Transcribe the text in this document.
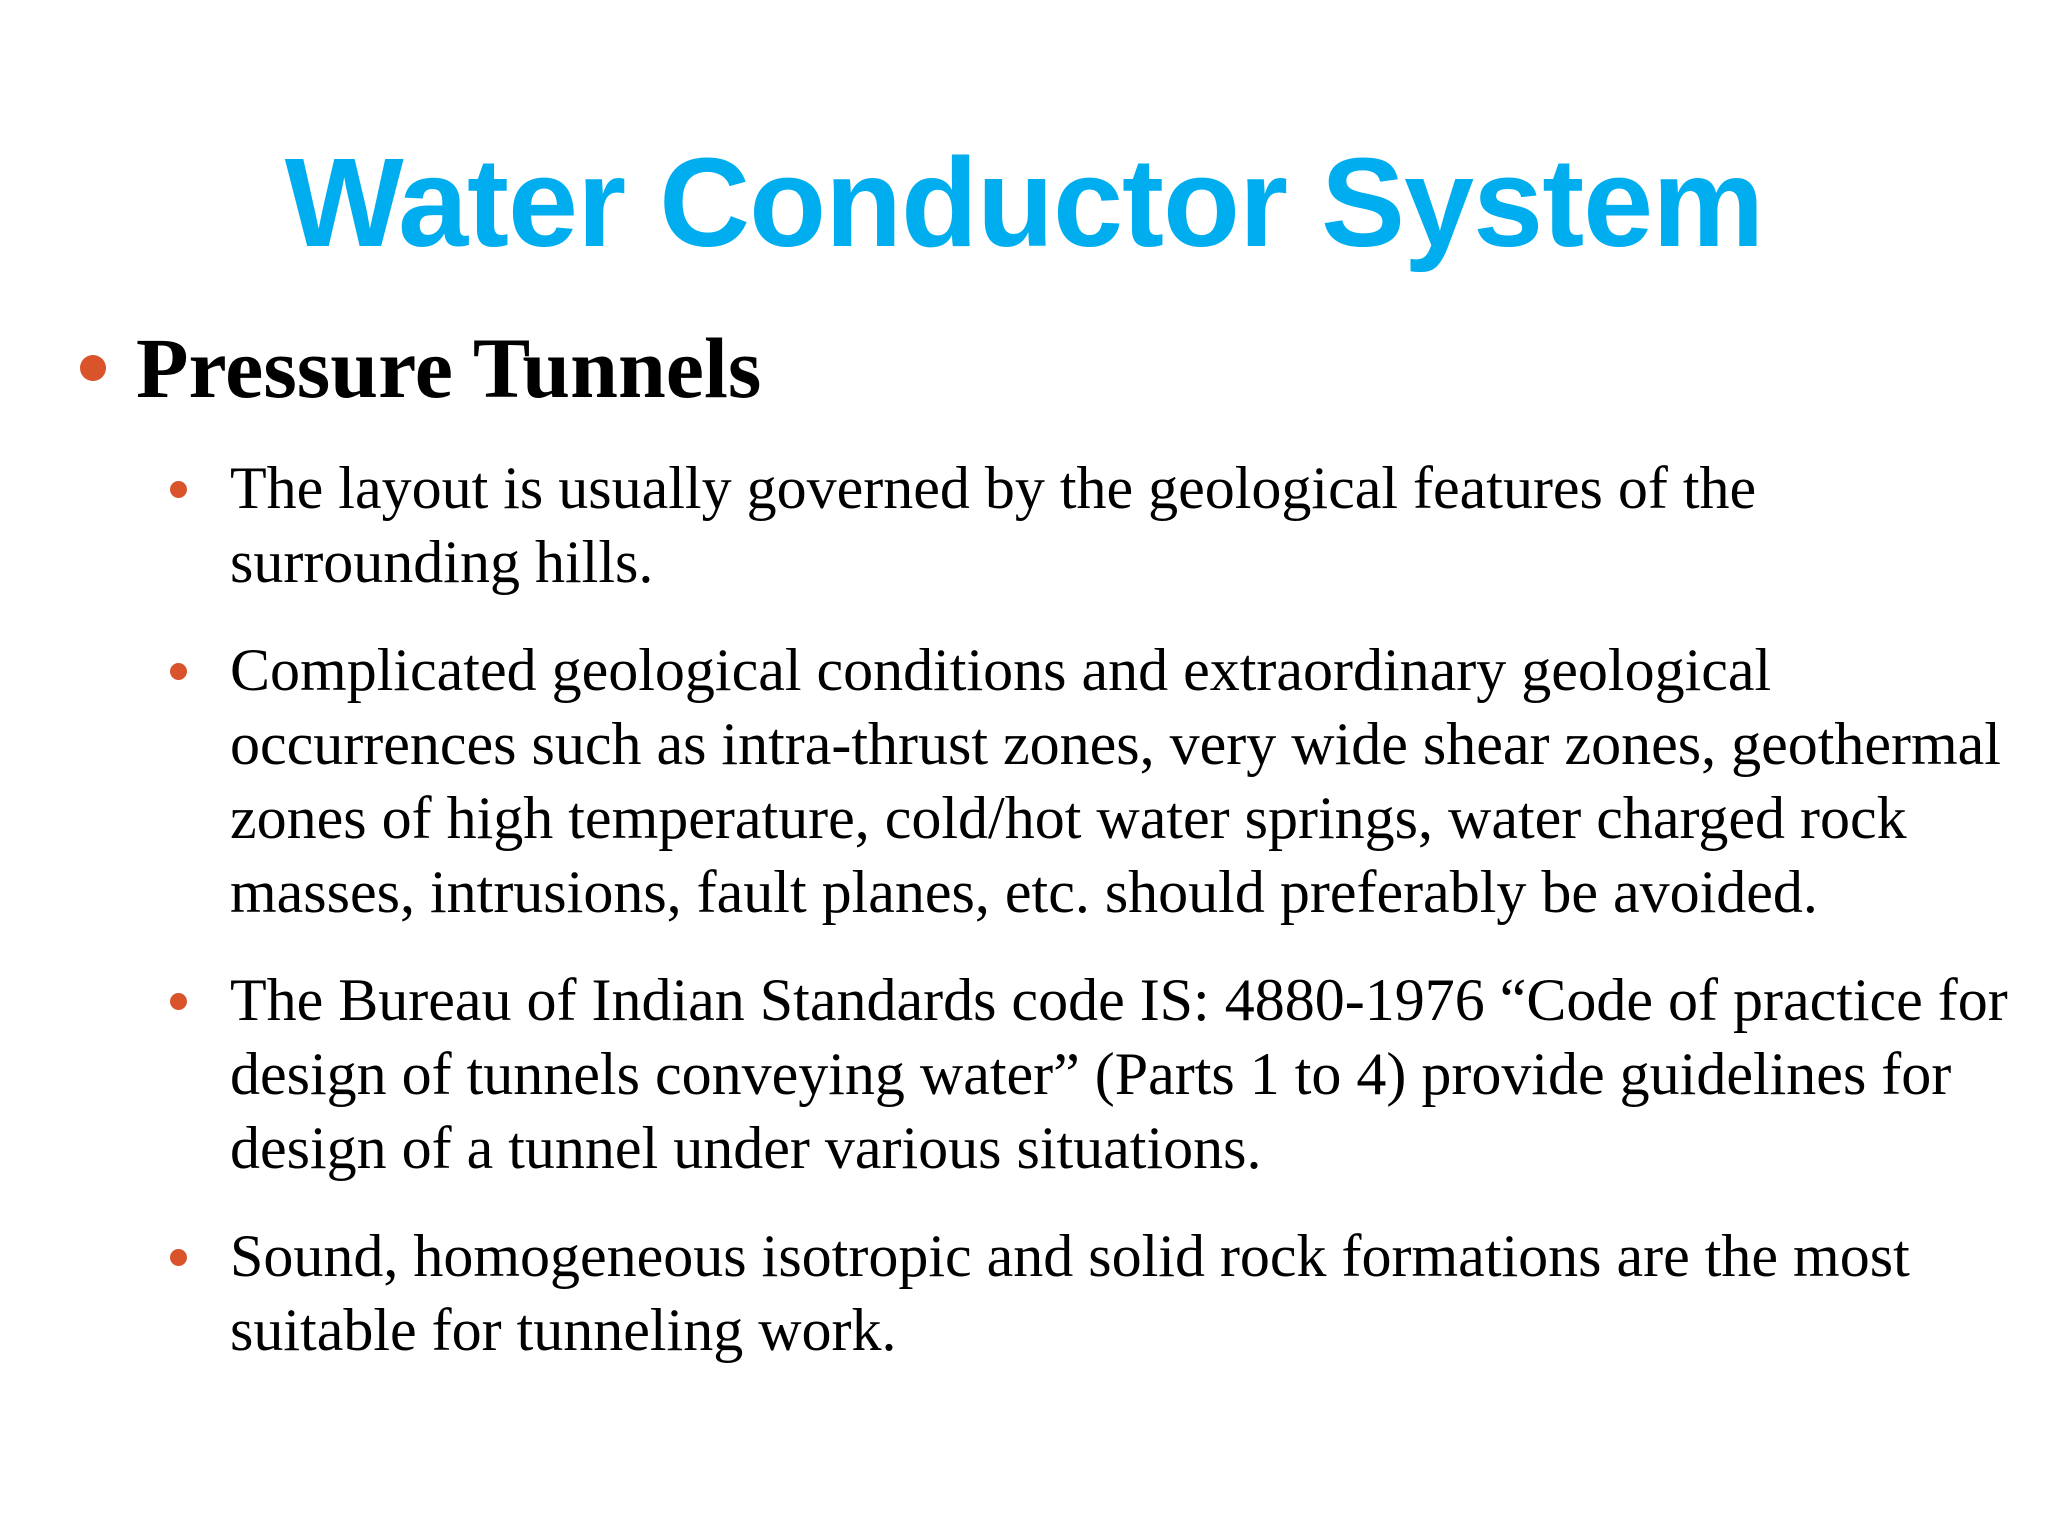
Water Conductor System
Pressure Tunnels
The layout is usually governed by the geological features of the surrounding hills.
Complicated geological conditions and extraordinary geological occurrences such as intra-thrust zones, very wide shear zones, geothermal zones of high temperature, cold/hot water springs, water charged rock masses, intrusions, fault planes, etc. should preferably be avoided.
The Bureau of Indian Standards code IS: 4880-1976 “Code of practice for design of tunnels conveying water” (Parts 1 to 4) provide guidelines for design of a tunnel under various situations.
Sound, homogeneous isotropic and solid rock formations are the most suitable for tunneling work.
